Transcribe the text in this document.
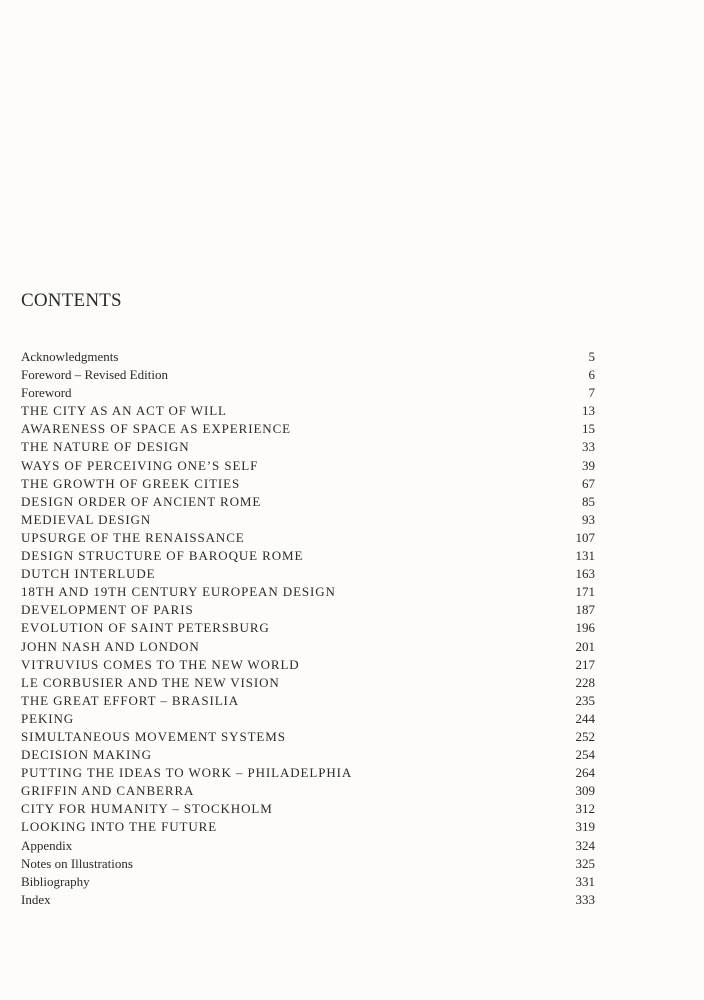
CONTENTS
Acknowledgments	5
Foreword – Revised Edition	6
Foreword	7
THE CITY AS AN ACT OF WILL	13
AWARENESS OF SPACE AS EXPERIENCE	15
THE NATURE OF DESIGN	33
WAYS OF PERCEIVING ONE’S SELF	39
THE GROWTH OF GREEK CITIES	67
DESIGN ORDER OF ANCIENT ROME	85
MEDIEVAL DESIGN	93
UPSURGE OF THE RENAISSANCE	107
DESIGN STRUCTURE OF BAROQUE ROME	131
DUTCH INTERLUDE	163
18TH AND 19TH CENTURY EUROPEAN DESIGN	171
DEVELOPMENT OF PARIS	187
EVOLUTION OF SAINT PETERSBURG	196
JOHN NASH AND LONDON	201
VITRUVIUS COMES TO THE NEW WORLD	217
LE CORBUSIER AND THE NEW VISION	228
THE GREAT EFFORT – BRASILIA	235
PEKING	244
SIMULTANEOUS MOVEMENT SYSTEMS	252
DECISION MAKING	254
PUTTING THE IDEAS TO WORK – PHILADELPHIA	264
GRIFFIN AND CANBERRA	309
CITY FOR HUMANITY – STOCKHOLM	312
LOOKING INTO THE FUTURE	319
Appendix	324
Notes on Illustrations	325
Bibliography	331
Index	333
